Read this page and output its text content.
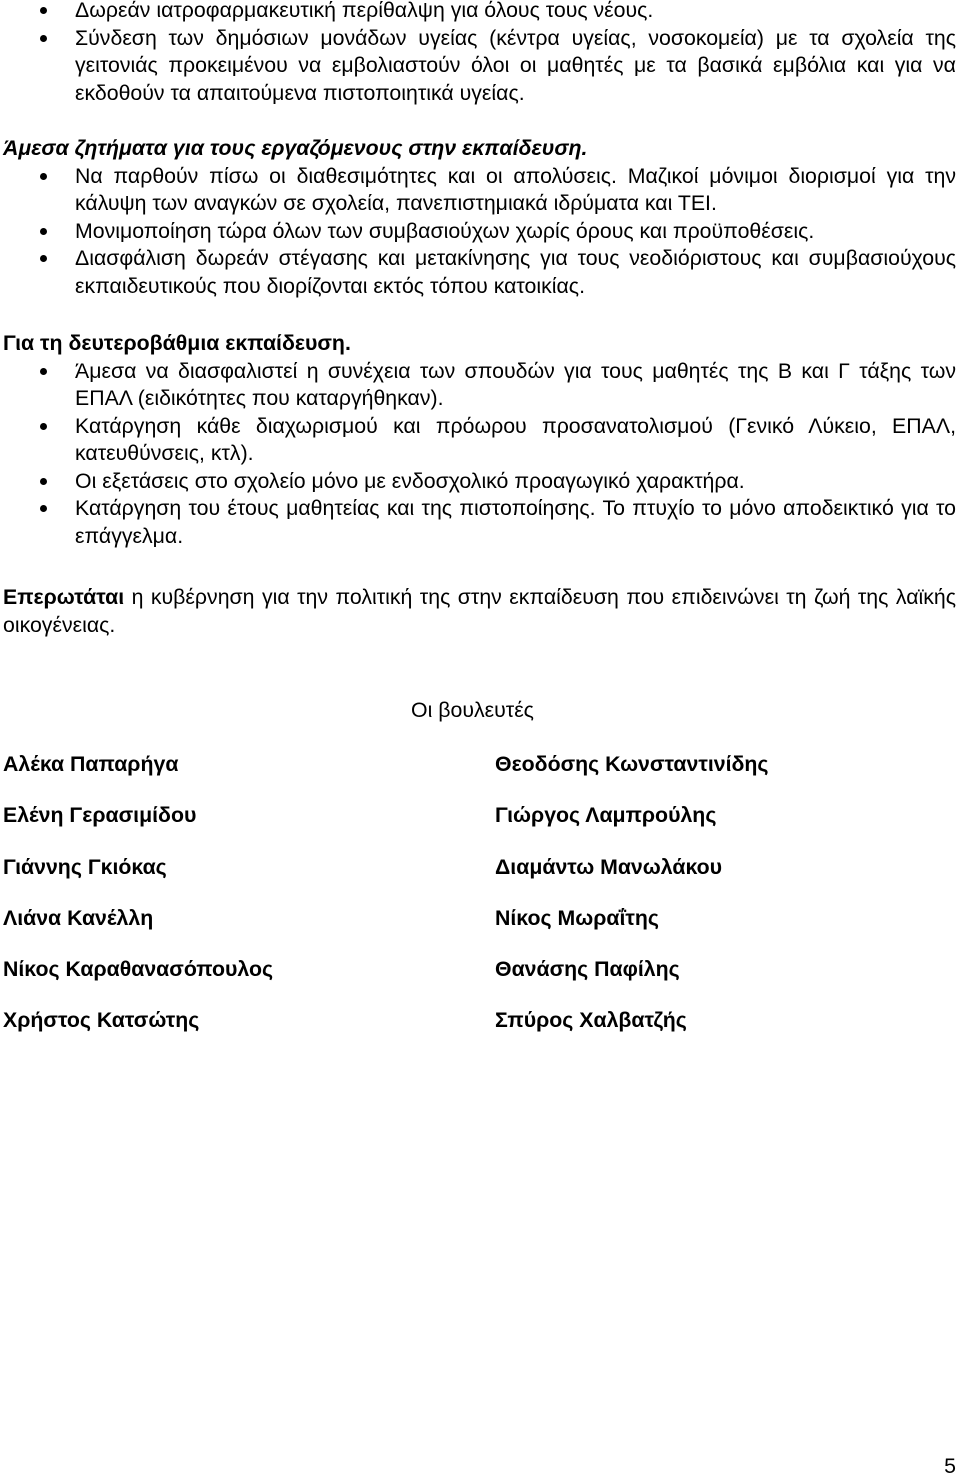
Δωρεάν ιατροφαρμακευτική περίθαλψη για όλους τους νέους.
Σύνδεση των δημόσιων μονάδων υγείας (κέντρα υγείας, νοσοκομεία) με τα σχολεία της γειτονιάς προκειμένου να εμβολιαστούν όλοι οι μαθητές με τα βασικά εμβόλια και για να εκδοθούν τα απαιτούμενα πιστοποιητικά υγείας.

Άμεσα ζητήματα για τους εργαζόμενους στην εκπαίδευση.

Να παρθούν πίσω οι διαθεσιμότητες και οι απολύσεις. Μαζικοί μόνιμοι διορισμοί για την κάλυψη των αναγκών σε σχολεία, πανεπιστημιακά ιδρύματα και ΤΕΙ.
Μονιμοποίηση τώρα όλων των συμβασιούχων χωρίς όρους και προϋποθέσεις.
Διασφάλιση δωρεάν στέγασης και μετακίνησης για τους νεοδιόριστους και συμβασιούχους εκπαιδευτικούς που διορίζονται εκτός τόπου κατοικίας.

Για τη δευτεροβάθμια εκπαίδευση.

Άμεσα να διασφαλιστεί η συνέχεια των σπουδών για τους μαθητές της Β και Γ τάξης των ΕΠΑΛ (ειδικότητες που καταργήθηκαν).
Κατάργηση κάθε διαχωρισμού και πρόωρου προσανατολισμού (Γενικό Λύκειο, ΕΠΑΛ, κατευθύνσεις, κτλ).
Οι εξετάσεις στο σχολείο μόνο με ενδοσχολικό προαγωγικό χαρακτήρα.
Κατάργηση του έτους μαθητείας και της πιστοποίησης. Το πτυχίο το μόνο αποδεικτικό για το επάγγελμα.

Επερωτάται η κυβέρνηση για την πολιτική της στην εκπαίδευση που επιδεινώνει τη ζωή της λαϊκής οικογένειας.

Οι βουλευτές
Αλέκα Παπαρήγα
Ελένη Γερασιμίδου
Γιάννης Γκιόκας
Λιάνα Κανέλλη
Νίκος Καραθανασόπουλος
Χρήστος Κατσώτης
Θεοδόσης Κωνσταντινίδης
Γιώργος Λαμπρούλης
Διαμάντω Μανωλάκου
Νίκος Μωραΐτης
Θανάσης Παφίλης
Σπύρος Χαλβατζής
5
